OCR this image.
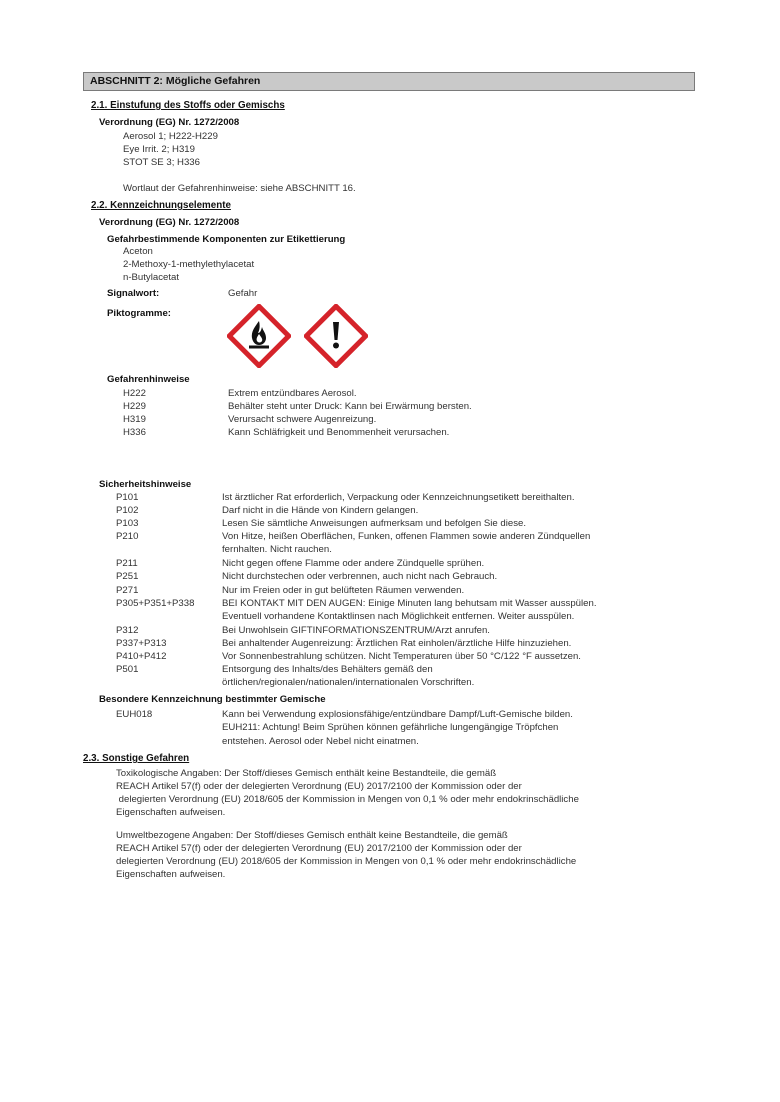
ABSCHNITT 2: Mögliche Gefahren
2.1. Einstufung des Stoffs oder Gemischs
Verordnung (EG) Nr. 1272/2008
Aerosol 1; H222-H229
Eye Irrit. 2; H319
STOT SE 3; H336
Wortlaut der Gefahrenhinweise: siehe ABSCHNITT 16.
2.2. Kennzeichnungselemente
Verordnung (EG) Nr. 1272/2008
Gefahrbestimmende Komponenten zur Etikettierung
Aceton
2-Methoxy-1-methylethylacetat
n-Butylacetat
Signalwort:	Gefahr
Piktogramme:
Gefahrenhinweise
H222	Extrem entzündbares Aerosol.
H229	Behälter steht unter Druck: Kann bei Erwärmung bersten.
H319	Verursacht schwere Augenreizung.
H336	Kann Schläfrigkeit und Benommenheit verursachen.
Sicherheitshinweise
P101	Ist ärztlicher Rat erforderlich, Verpackung oder Kennzeichnungsetikett bereithalten.
P102	Darf nicht in die Hände von Kindern gelangen.
P103	Lesen Sie sämtliche Anweisungen aufmerksam und befolgen Sie diese.
P210	Von Hitze, heißen Oberflächen, Funken, offenen Flammen sowie anderen Zündquellen
fernhalten. Nicht rauchen.
P211	Nicht gegen offene Flamme oder andere Zündquelle sprühen.
P251	Nicht durchstechen oder verbrennen, auch nicht nach Gebrauch.
P271	Nur im Freien oder in gut belüfteten Räumen verwenden.
P305+P351+P338	BEI KONTAKT MIT DEN AUGEN: Einige Minuten lang behutsam mit Wasser ausspülen.
Eventuell vorhandene Kontaktlinsen nach Möglichkeit entfernen. Weiter ausspülen.
P312	Bei Unwohlsein GIFTINFORMATIONSZENTRUM/Arzt anrufen.
P337+P313	Bei anhaltender Augenreizung: Ärztlichen Rat einholen/ärztliche Hilfe hinzuziehen.
P410+P412	Vor Sonnenbestrahlung schützen. Nicht Temperaturen über 50 °C/122 °F aussetzen.
P501	Entsorgung des Inhalts/des Behälters gemäß den
örtlichen/regionalen/nationalen/internationalen Vorschriften.
Besondere Kennzeichnung bestimmter Gemische
EUH018	Kann bei Verwendung explosionsfähige/entzündbare Dampf/Luft-Gemische bilden.
EUH211: Achtung! Beim Sprühen können gefährliche lungengängige Tröpfchen
entstehen. Aerosol oder Nebel nicht einatmen.
2.3. Sonstige Gefahren
Toxikologische Angaben: Der Stoff/dieses Gemisch enthält keine Bestandteile, die gemäß
REACH Artikel 57(f) oder der delegierten Verordnung (EU) 2017/2100 der Kommission oder der
delegierten Verordnung (EU) 2018/605 der Kommission in Mengen von 0,1 % oder mehr endokrinschädliche
Eigenschaften aufweisen.
Umweltbezogene Angaben: Der Stoff/dieses Gemisch enthält keine Bestandteile, die gemäß
REACH Artikel 57(f) oder der delegierten Verordnung (EU) 2017/2100 der Kommission oder der
delegierten Verordnung (EU) 2018/605 der Kommission in Mengen von 0,1 % oder mehr endokrinschädliche
Eigenschaften aufweisen.
